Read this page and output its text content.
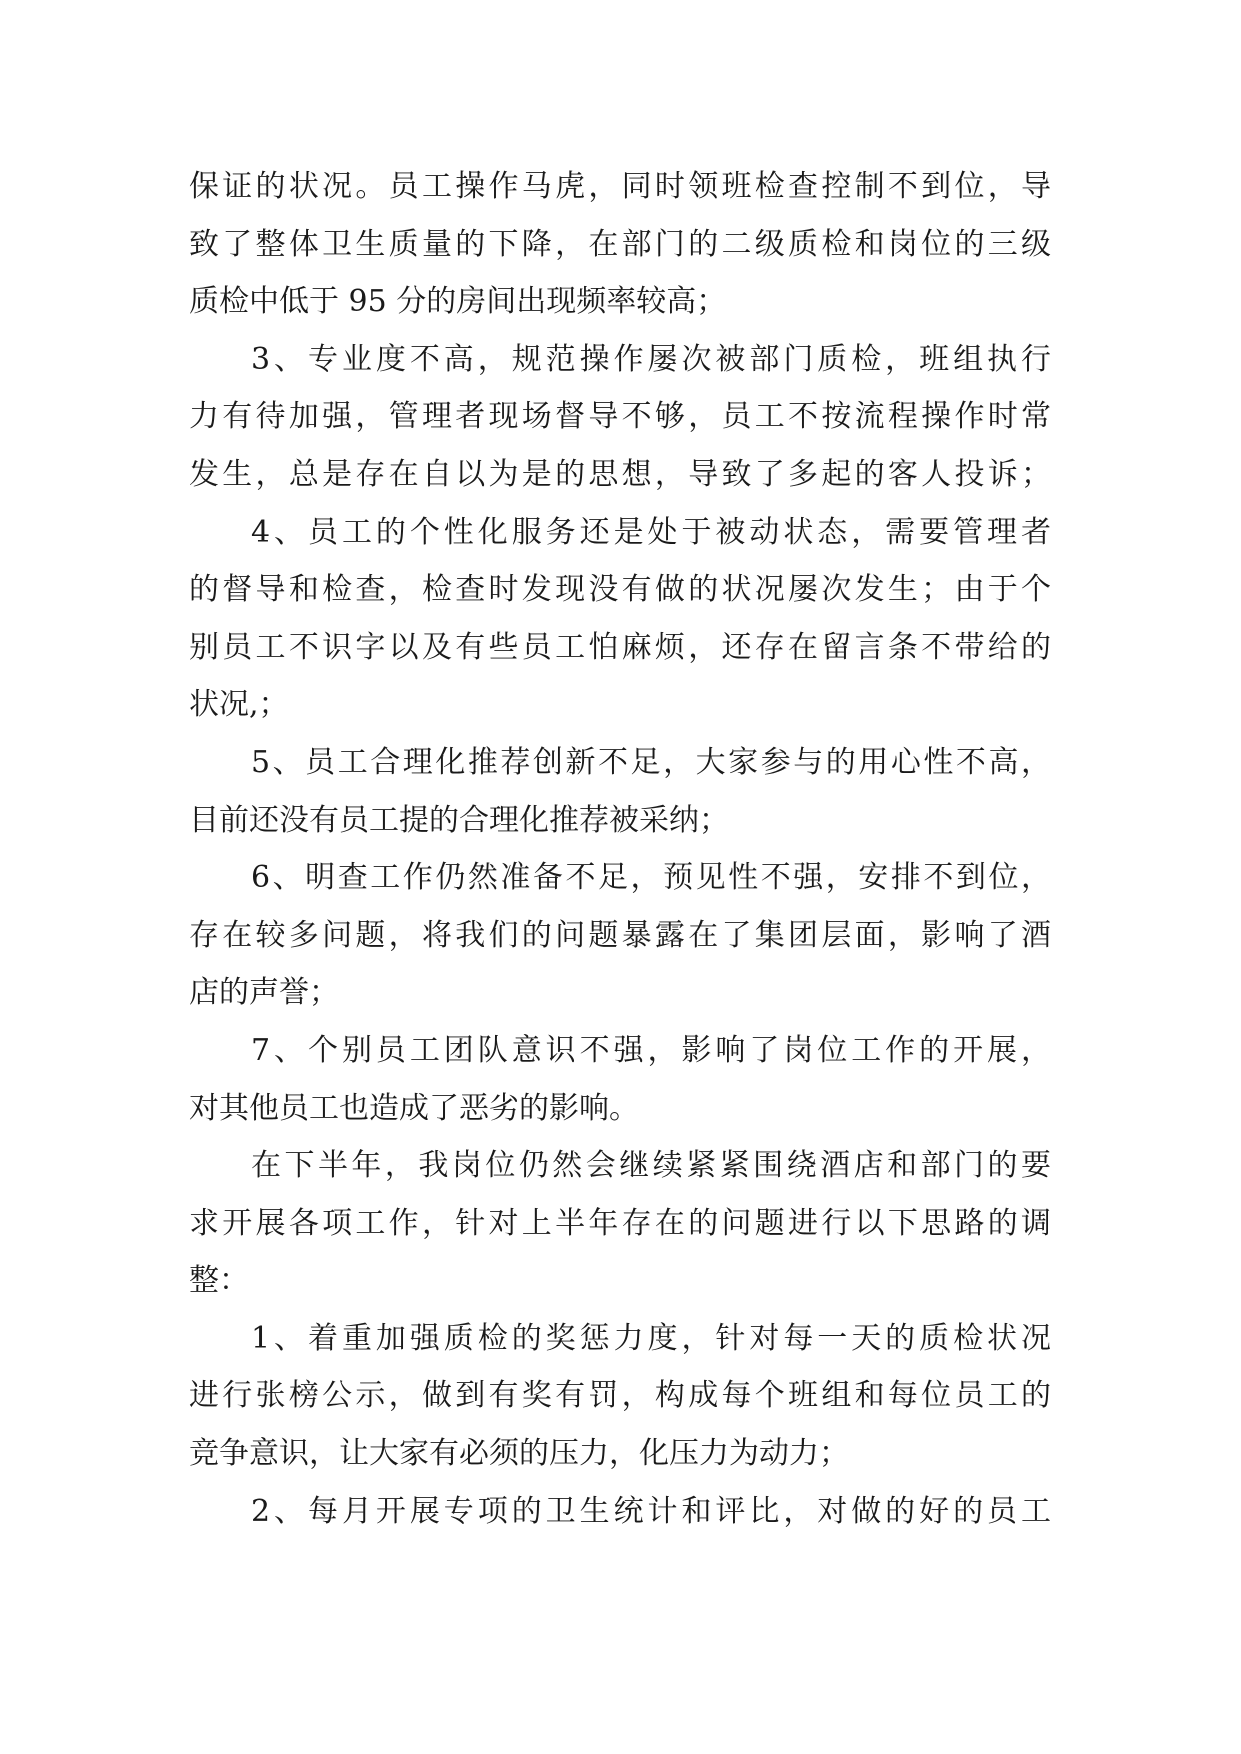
保证的状况。员工操作马虎，同时领班检查控制不到位，导
致了整体卫生质量的下降，在部门的二级质检和岗位的三级
质检中低于 95 分的房间出现频率较高；
3、专业度不高，规范操作屡次被部门质检，班组执行
力有待加强，管理者现场督导不够，员工不按流程操作时常
发生，总是存在自以为是的思想，导致了多起的客人投诉；
4、员工的个性化服务还是处于被动状态，需要管理者
的督导和检查，检查时发现没有做的状况屡次发生；由于个
别员工不识字以及有些员工怕麻烦，还存在留言条不带给的
状况,；
5、员工合理化推荐创新不足，大家参与的用心性不高，
目前还没有员工提的合理化推荐被采纳；
6、明查工作仍然准备不足，预见性不强，安排不到位，
存在较多问题，将我们的问题暴露在了集团层面，影响了酒
店的声誉；
7、个别员工团队意识不强，影响了岗位工作的开展，
对其他员工也造成了恶劣的影响。
在下半年，我岗位仍然会继续紧紧围绕酒店和部门的要
求开展各项工作，针对上半年存在的问题进行以下思路的调
整：
1、着重加强质检的奖惩力度，针对每一天的质检状况
进行张榜公示，做到有奖有罚，构成每个班组和每位员工的
竞争意识，让大家有必须的压力，化压力为动力；
2、每月开展专项的卫生统计和评比，对做的好的员工
